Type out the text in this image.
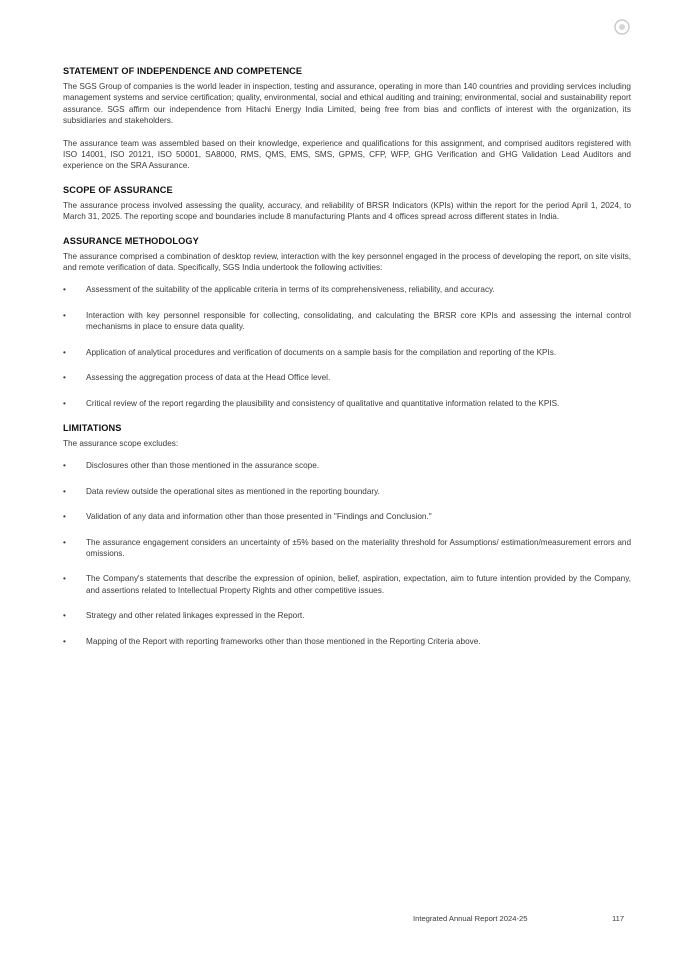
STATEMENT OF INDEPENDENCE AND COMPETENCE

The SGS Group of companies is the world leader in inspection, testing and assurance, operating in more than 140 countries and providing services including management systems and service certification; quality, environmental, social and ethical auditing and training; environmental, social and sustainability report assurance. SGS affirm our independence from Hitachi Energy India Limited, being free from bias and conflicts of interest with the organization, its subsidiaries and stakeholders.

The assurance team was assembled based on their knowledge, experience and qualifications for this assignment, and comprised auditors registered with ISO 14001, ISO 20121, ISO 50001, SA8000, RMS, QMS, EMS, SMS, GPMS, CFP, WFP, GHG Verification and GHG Validation Lead Auditors and experience on the SRA Assurance.

SCOPE OF ASSURANCE

The assurance process involved assessing the quality, accuracy, and reliability of BRSR Indicators (KPIs) within the report for the period April 1, 2024, to March 31, 2025. The reporting scope and boundaries include 8 manufacturing Plants and 4 offices spread across different states in India.

ASSURANCE METHODOLOGY

The assurance comprised a combination of desktop review, interaction with the key personnel engaged in the process of developing the report, on site visits, and remote verification of data. Specifically, SGS India undertook the following activities:

•	Assessment of the suitability of the applicable criteria in terms of its comprehensiveness, reliability, and accuracy.
•	Interaction with key personnel responsible for collecting, consolidating, and calculating the BRSR core KPIs and assessing the internal control mechanisms in place to ensure data quality.
•	Application of analytical procedures and verification of documents on a sample basis for the compilation and reporting of the KPIs.
•	Assessing the aggregation process of data at the Head Office level.
•	Critical review of the report regarding the plausibility and consistency of qualitative and quantitative information related to the KPIS.
LIMITATIONS

The assurance scope excludes:

•	Disclosures other than those mentioned in the assurance scope.
•	Data review outside the operational sites as mentioned in the reporting boundary.
•	Validation of any data and information other than those presented in "Findings and Conclusion."
•	The assurance engagement considers an uncertainty of ±5% based on the materiality threshold for Assumptions/ estimation/measurement errors and omissions.
•	The Company's statements that describe the expression of opinion, belief, aspiration, expectation, aim to future intention provided by the Company, and assertions related to Intellectual Property Rights and other competitive issues.
•	Strategy and other related linkages expressed in the Report.
•	Mapping of the Report with reporting frameworks other than those mentioned in the Reporting Criteria above.
Integrated Annual Report 2024-25	117
